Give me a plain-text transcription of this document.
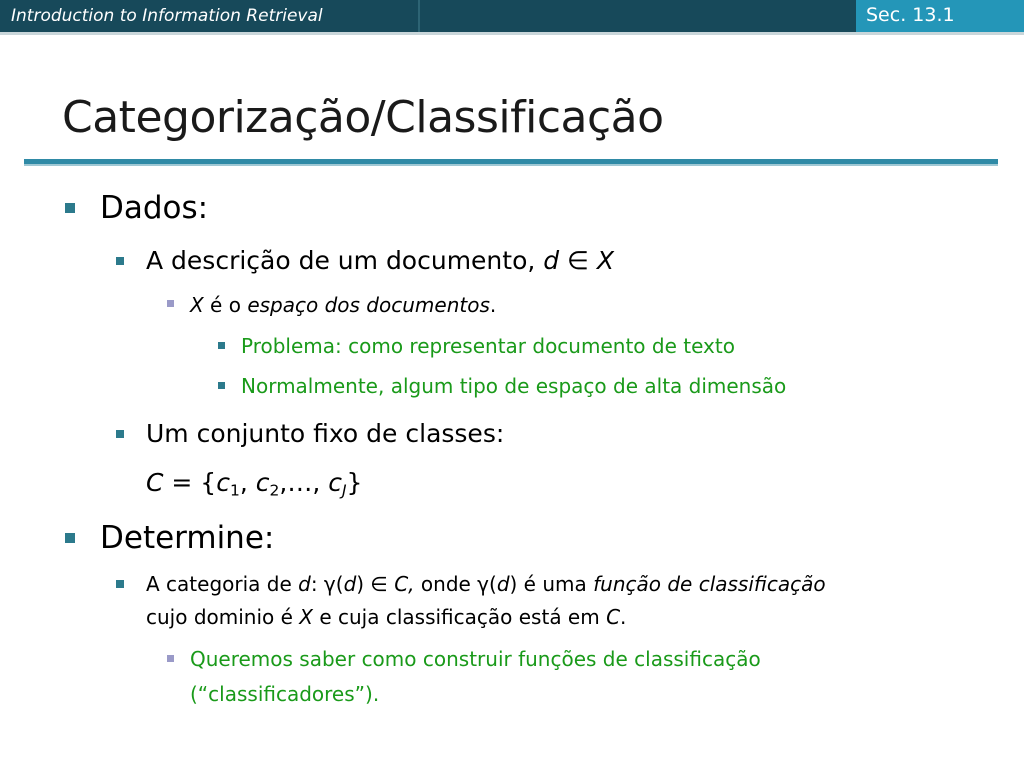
Introduction to Information Retrieval	Sec. 13.1
Categorização/Classificação
Dados:
A descrição de um documento, d ∈ X
X é o espaço dos documentos.
Problema: como representar documento de texto
Normalmente, algum tipo de espaço de alta dimensão
Um conjunto fixo de classes:
$C = \{c_1$, $c_2,\dots$, $c_J$}
Determine:
A categoria de d: γ(d) ∈ C, onde γ(d) é uma função de classificação
cujo dominio é X e cuja classificação está em C.
Queremos saber como construir funções de classificação
(“classificadores”).
